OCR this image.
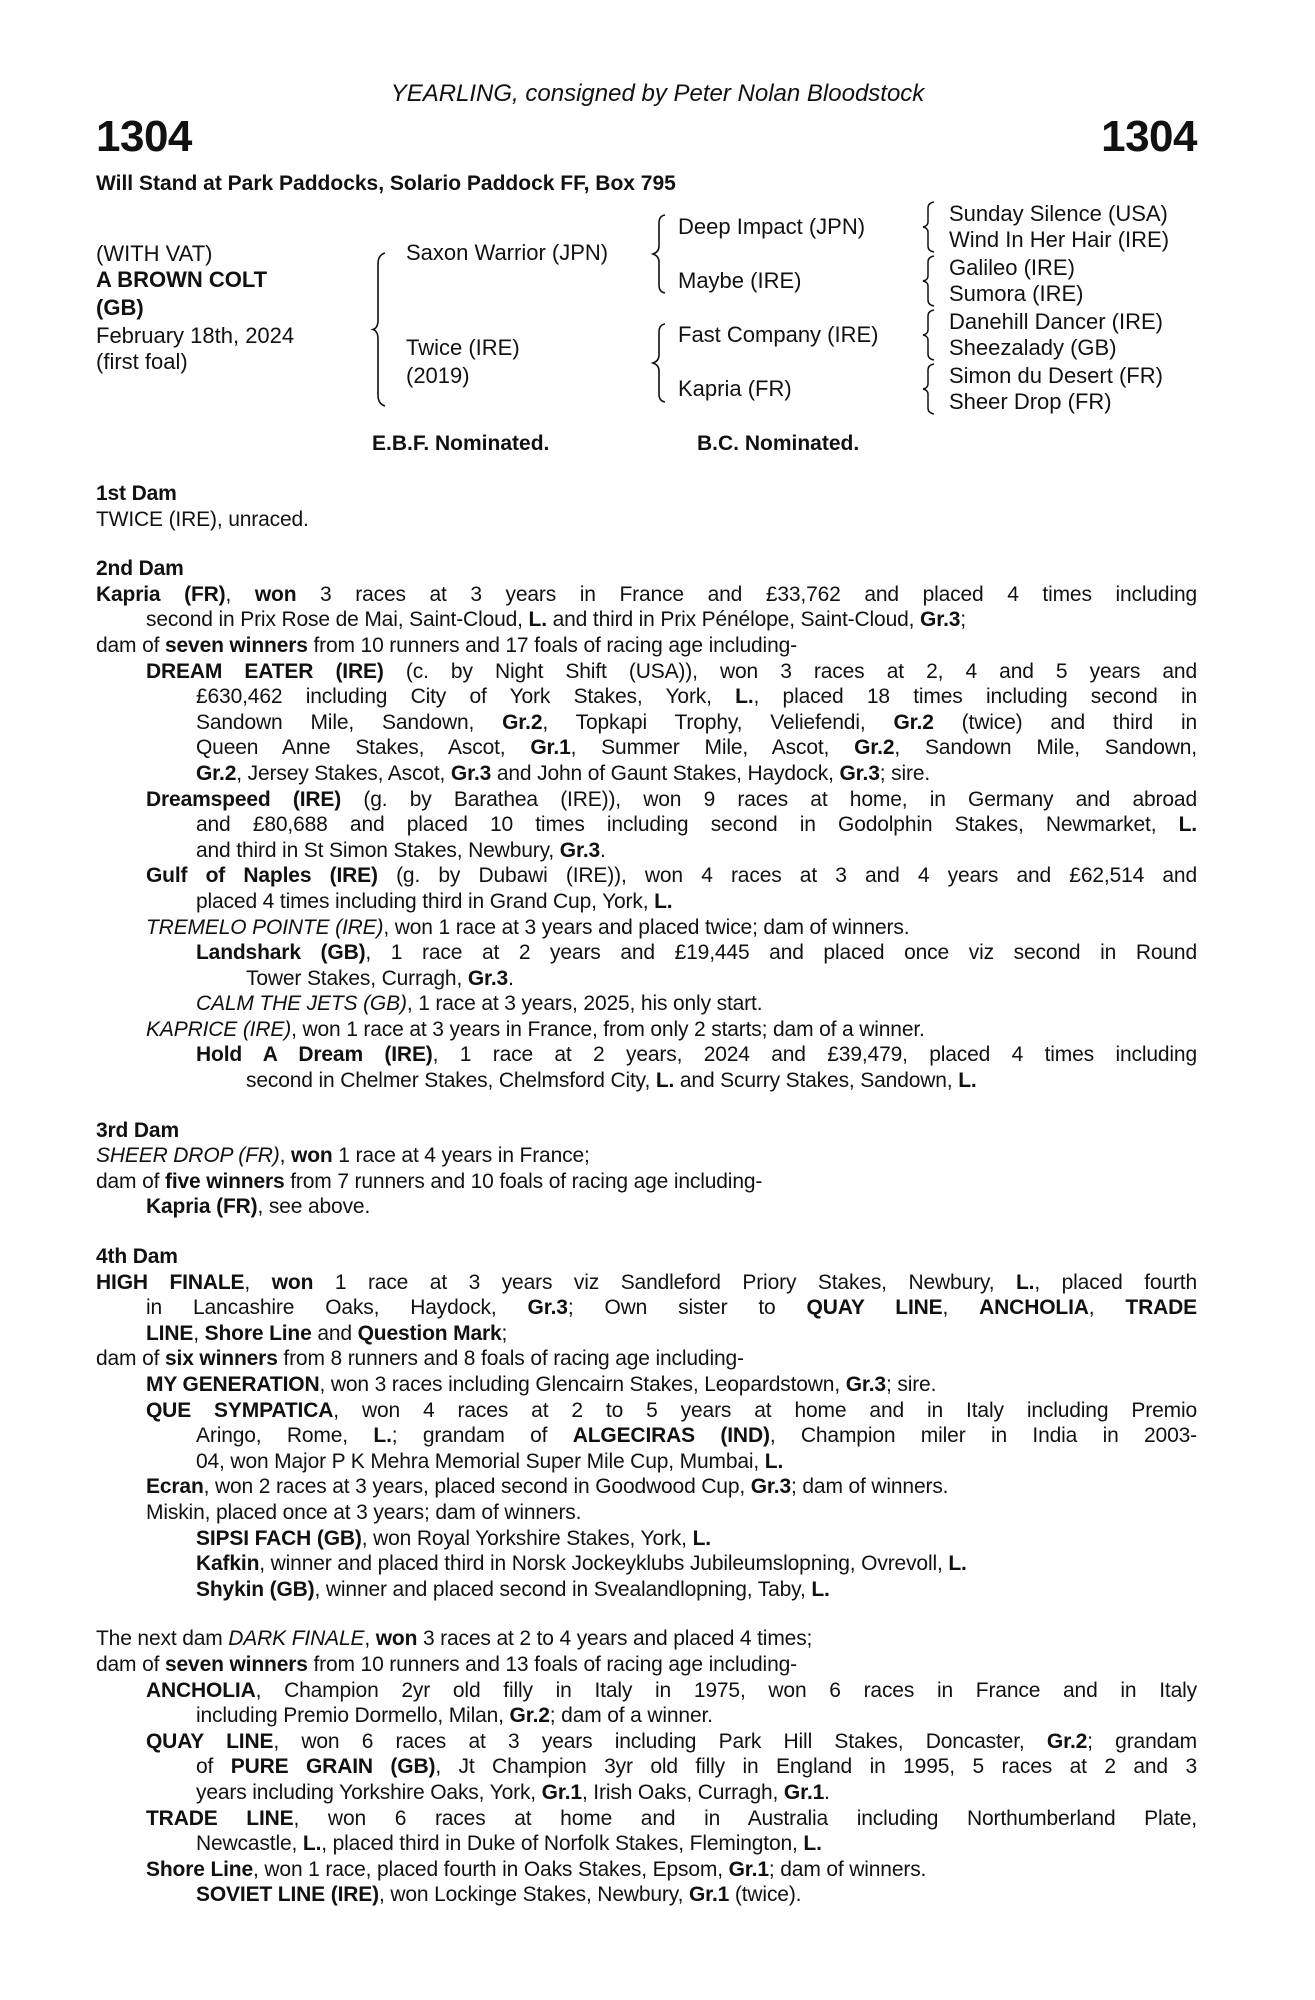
YEARLING, consigned by Peter Nolan Bloodstock
1304	1304
Will Stand at Park Paddocks, Solario Paddock FF, Box 795
(WITH VAT)
A BROWN COLT
(GB)
February 18th, 2024
(first foal)
Saxon Warrior (JPN)
Twice (IRE)
(2019)
Deep Impact (JPN)
Maybe (IRE)
Fast Company (IRE)
Kapria (FR)
Sunday Silence (USA)
Wind In Her Hair (IRE)
Galileo (IRE)
Sumora (IRE)
Danehill Dancer (IRE)
Sheezalady (GB)
Simon du Desert (FR)
Sheer Drop (FR)
E.B.F. Nominated.	B.C. Nominated.
1st Dam
TWICE (IRE), unraced.
2nd Dam
Kapria (FR), won 3 races at 3 years in France and £33,762 and placed 4 times including
second in Prix Rose de Mai, Saint-Cloud, L. and third in Prix Pénélope, Saint-Cloud, Gr.3;
dam of seven winners from 10 runners and 17 foals of racing age including-
DREAM EATER (IRE) (c. by Night Shift (USA)), won 3 races at 2, 4 and 5 years and
£630,462 including City of York Stakes, York, L., placed 18 times including second in
Sandown Mile, Sandown, Gr.2, Topkapi Trophy, Veliefendi, Gr.2 (twice) and third in
Queen Anne Stakes, Ascot, Gr.1, Summer Mile, Ascot, Gr.2, Sandown Mile, Sandown,
Gr.2, Jersey Stakes, Ascot, Gr.3 and John of Gaunt Stakes, Haydock, Gr.3; sire.
Dreamspeed (IRE) (g. by Barathea (IRE)), won 9 races at home, in Germany and abroad
and £80,688 and placed 10 times including second in Godolphin Stakes, Newmarket, L.
and third in St Simon Stakes, Newbury, Gr.3.
Gulf of Naples (IRE) (g. by Dubawi (IRE)), won 4 races at 3 and 4 years and £62,514 and
placed 4 times including third in Grand Cup, York, L.
TREMELO POINTE (IRE), won 1 race at 3 years and placed twice; dam of winners.
Landshark (GB), 1 race at 2 years and £19,445 and placed once viz second in Round
Tower Stakes, Curragh, Gr.3.
CALM THE JETS (GB), 1 race at 3 years, 2025, his only start.
KAPRICE (IRE), won 1 race at 3 years in France, from only 2 starts; dam of a winner.
Hold A Dream (IRE), 1 race at 2 years, 2024 and £39,479, placed 4 times including
second in Chelmer Stakes, Chelmsford City, L. and Scurry Stakes, Sandown, L.
3rd Dam
SHEER DROP (FR), won 1 race at 4 years in France;
dam of five winners from 7 runners and 10 foals of racing age including-
Kapria (FR), see above.
4th Dam
HIGH FINALE, won 1 race at 3 years viz Sandleford Priory Stakes, Newbury, L., placed fourth
in Lancashire Oaks, Haydock, Gr.3; Own sister to QUAY LINE, ANCHOLIA, TRADE
LINE, Shore Line and Question Mark;
dam of six winners from 8 runners and 8 foals of racing age including-
MY GENERATION, won 3 races including Glencairn Stakes, Leopardstown, Gr.3; sire.
QUE SYMPATICA, won 4 races at 2 to 5 years at home and in Italy including Premio
Aringo, Rome, L.; grandam of ALGECIRAS (IND), Champion miler in India in 2003-
04, won Major P K Mehra Memorial Super Mile Cup, Mumbai, L.
Ecran, won 2 races at 3 years, placed second in Goodwood Cup, Gr.3; dam of winners.
Miskin, placed once at 3 years; dam of winners.
SIPSI FACH (GB), won Royal Yorkshire Stakes, York, L.
Kafkin, winner and placed third in Norsk Jockeyklubs Jubileumslopning, Ovrevoll, L.
Shykin (GB), winner and placed second in Svealandlopning, Taby, L.
The next dam DARK FINALE, won 3 races at 2 to 4 years and placed 4 times;
dam of seven winners from 10 runners and 13 foals of racing age including-
ANCHOLIA, Champion 2yr old filly in Italy in 1975, won 6 races in France and in Italy
including Premio Dormello, Milan, Gr.2; dam of a winner.
QUAY LINE, won 6 races at 3 years including Park Hill Stakes, Doncaster, Gr.2; grandam
of PURE GRAIN (GB), Jt Champion 3yr old filly in England in 1995, 5 races at 2 and 3
years including Yorkshire Oaks, York, Gr.1, Irish Oaks, Curragh, Gr.1.
TRADE LINE, won 6 races at home and in Australia including Northumberland Plate,
Newcastle, L., placed third in Duke of Norfolk Stakes, Flemington, L.
Shore Line, won 1 race, placed fourth in Oaks Stakes, Epsom, Gr.1; dam of winners.
SOVIET LINE (IRE), won Lockinge Stakes, Newbury, Gr.1 (twice).
